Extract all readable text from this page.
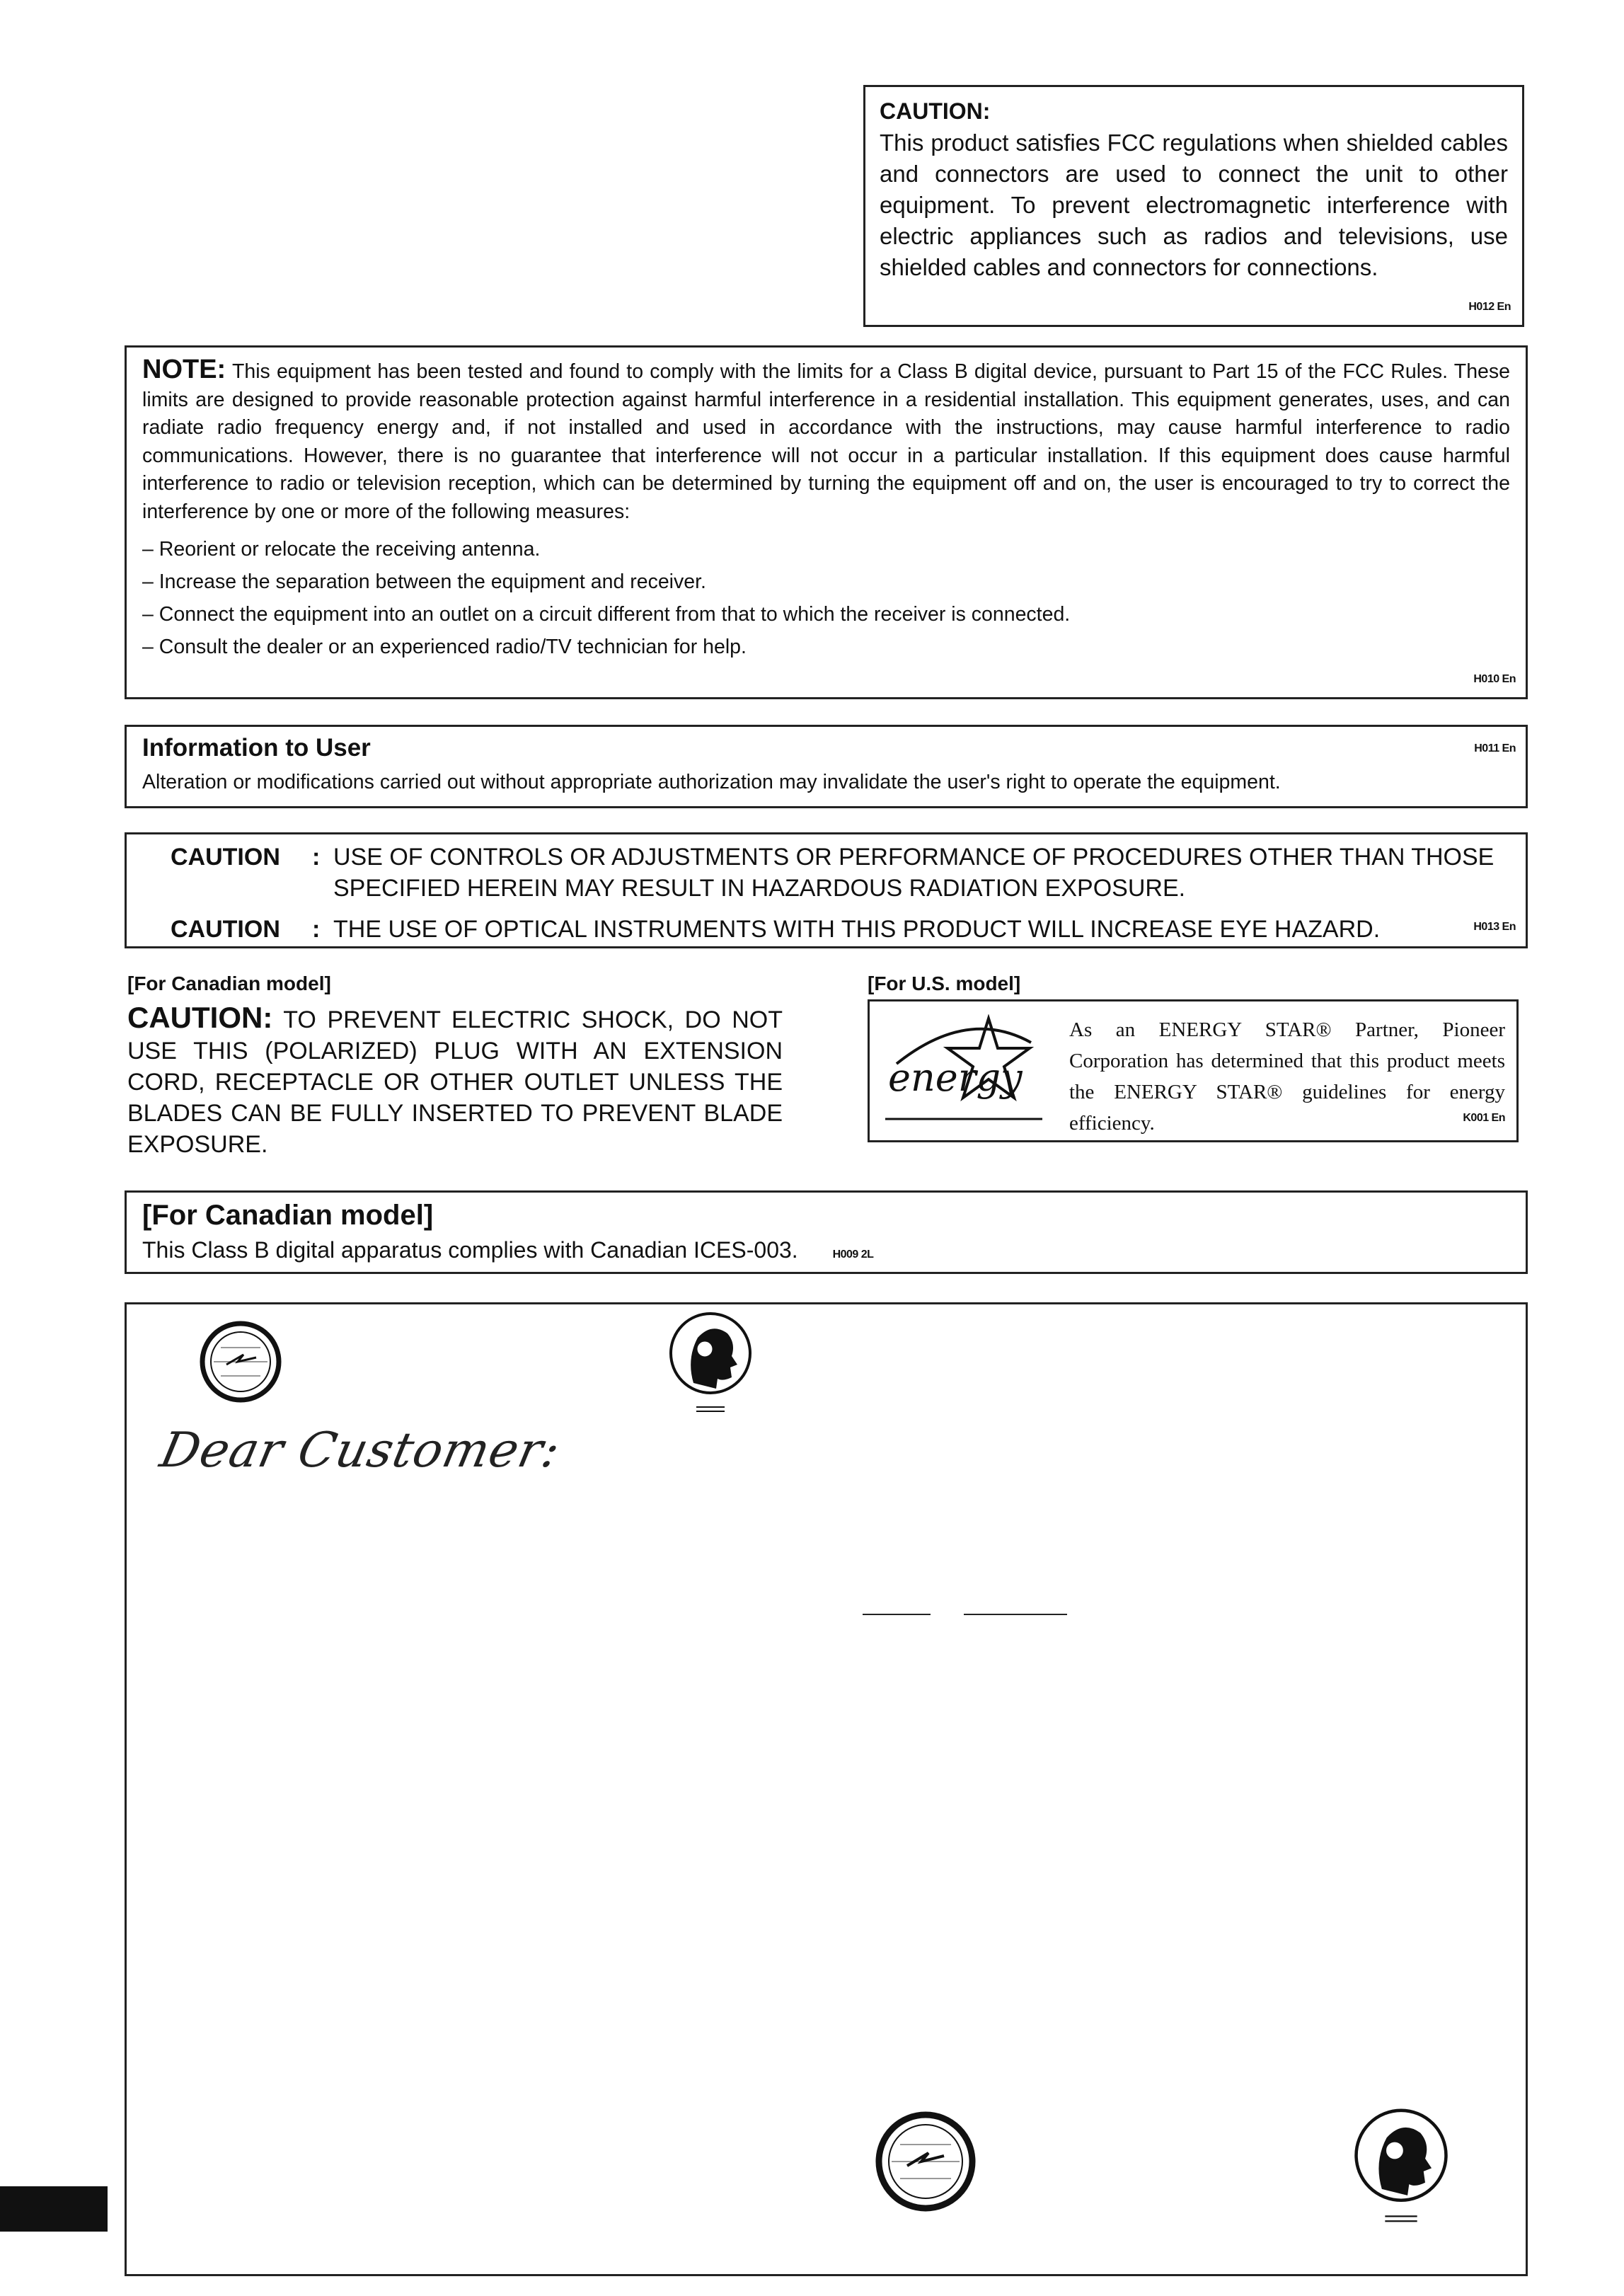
CAUTION:
This product satisfies FCC regulations when shielded cables and connectors are used to connect the unit to other equipment. To prevent electromagnetic interference with electric appliances such as radios and televisions, use shielded cables and connectors for connections.
H012 En
NOTE: This equipment has been tested and found to comply with the limits for a Class B digital device, pursuant to Part 15 of the FCC Rules. These limits are designed to provide reasonable protection against harmful interference in a residential installation. This equipment generates, uses, and can radiate radio frequency energy and, if not installed and used in accordance with the instructions, may cause harmful interference to radio communications. However, there is no guarantee that interference will not occur in a particular installation. If this equipment does cause harmful interference to radio or television reception, which can be determined by turning the equipment off and on, the user is encouraged to try to correct the interference by one or more of the following measures:
– Reorient or relocate the receiving antenna.
– Increase the separation between the equipment and receiver.
– Connect the equipment into an outlet on a circuit different from that to which the receiver is connected.
– Consult the dealer or an experienced radio/TV technician for help.
H010 En
Information to User
Alteration or modifications carried out without appropriate authorization may invalidate the user's right to operate the equipment.
H011 En
CAUTION	: USE OF CONTROLS OR ADJUSTMENTS OR PERFORMANCE OF PROCEDURES OTHER THAN THOSE SPECIFIED HEREIN MAY RESULT IN HAZARDOUS RADIATION EXPOSURE.
CAUTION	: THE USE OF OPTICAL INSTRUMENTS WITH THIS PRODUCT WILL INCREASE EYE HAZARD.	H013 En
[For Canadian model]
CAUTION: TO PREVENT ELECTRIC SHOCK, DO NOT USE THIS (POLARIZED) PLUG WITH AN EXTENSION CORD, RECEPTACLE OR OTHER OUTLET UNLESS THE BLADES CAN BE FULLY INSERTED TO PREVENT BLADE EXPOSURE.
[For U.S. model]
energy
As an ENERGY STAR® Partner, Pioneer Corporation has determined that this product meets the ENERGY STAR® guidelines for energy efficiency.	K001 En
[For Canadian model]
This Class B digital apparatus complies with Canadian ICES-003.	H009 2L
Dear Customer:
